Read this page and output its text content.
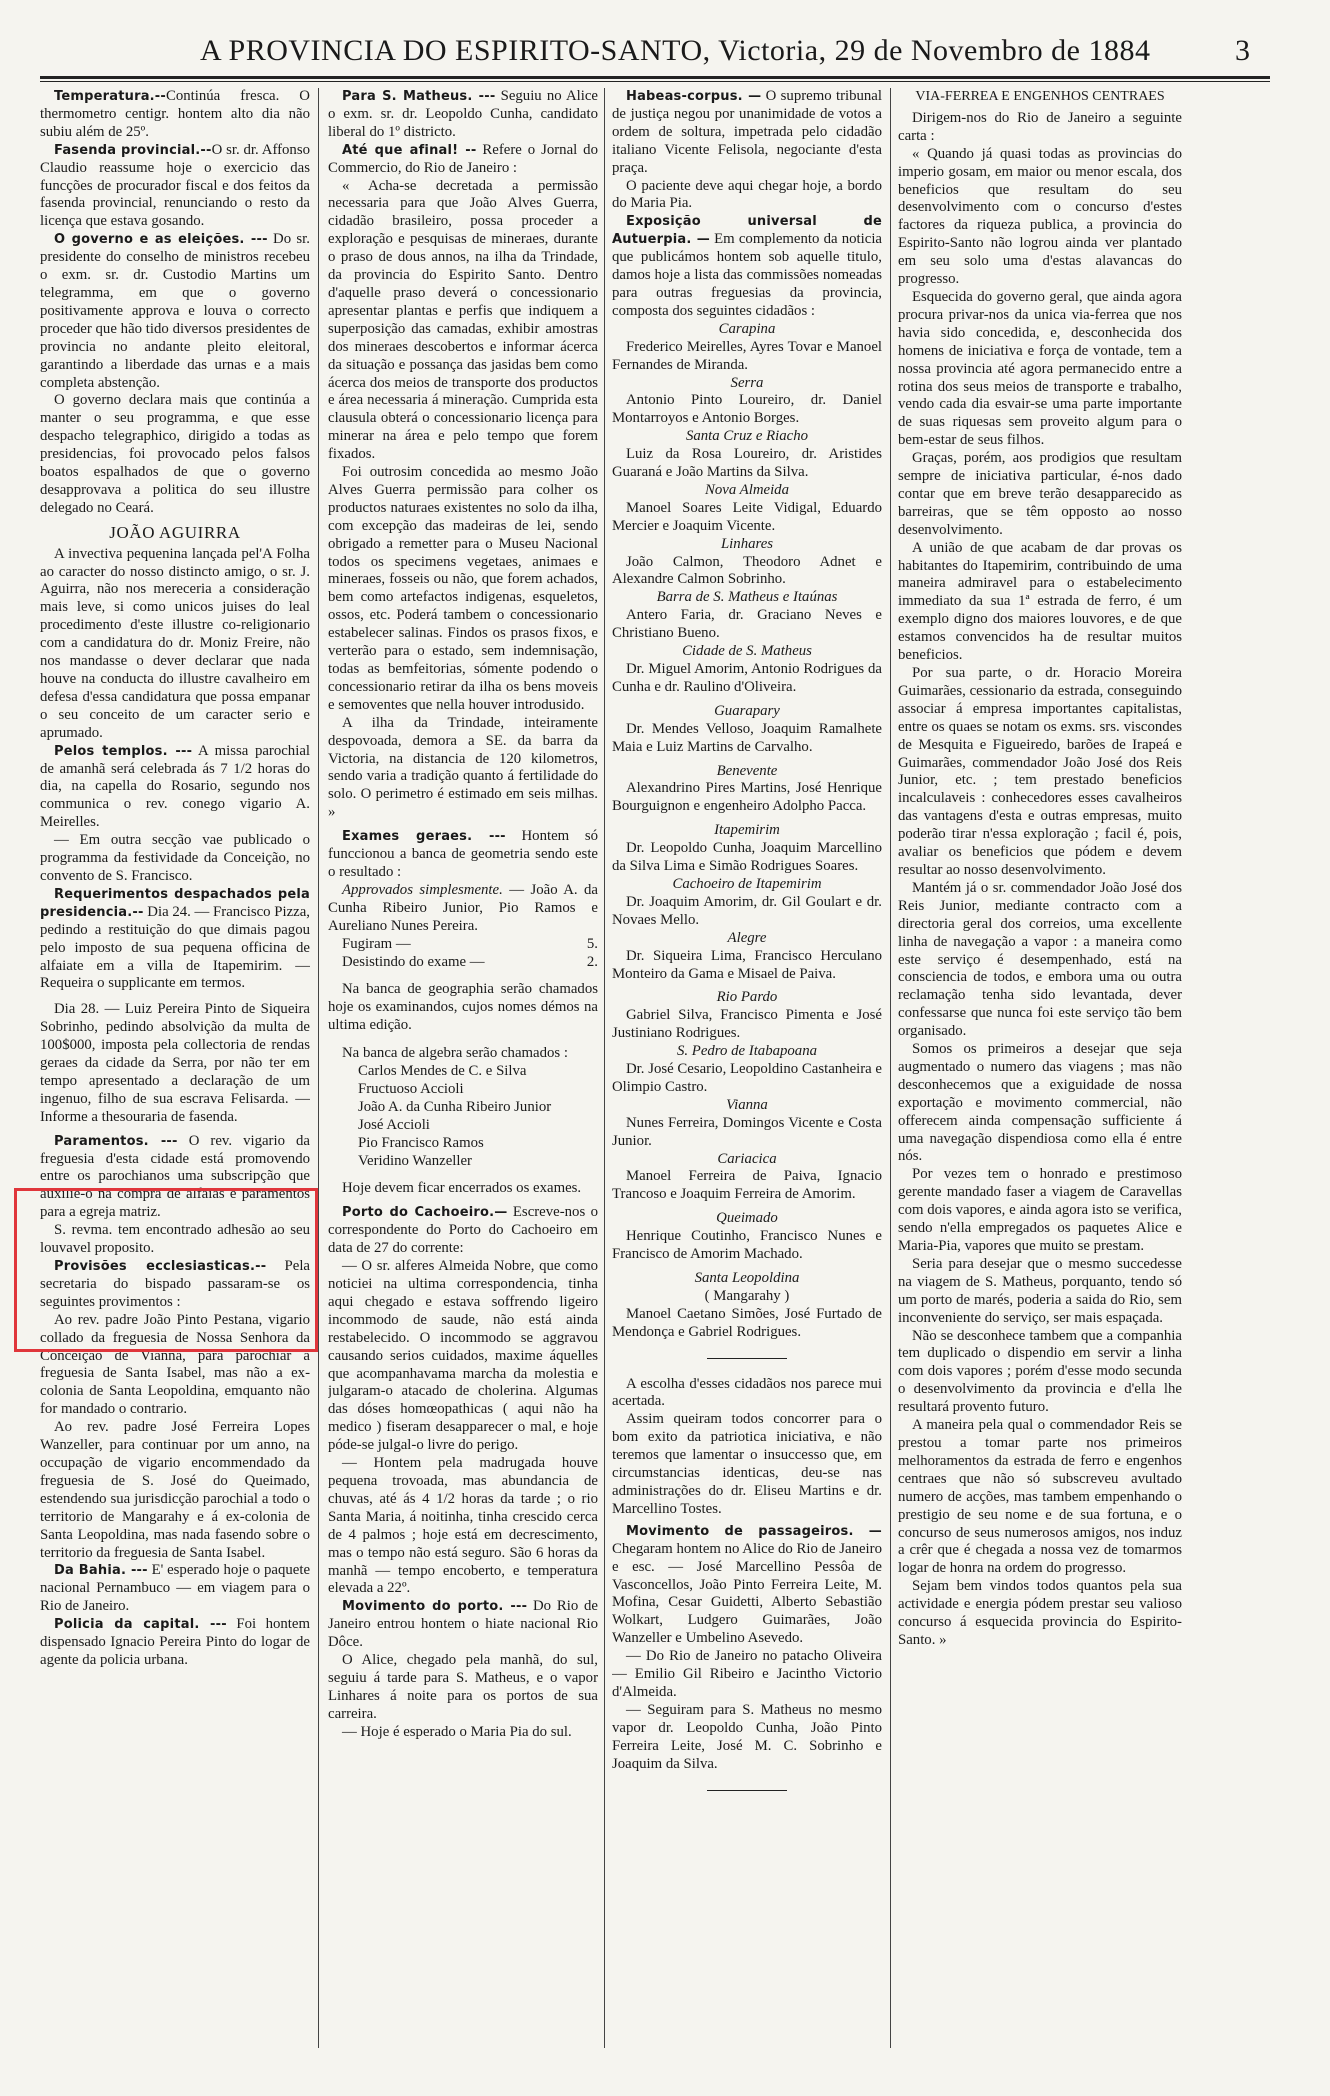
A PROVINCIA DO ESPIRITO-SANTO, Victoria, 29 de Novembro de 1884	3

Temperatura.--Continúa fresca. O thermometro centigr. hontem alto dia não subiu além de 25º.

Fasenda provincial.--O sr. dr. Affonso Claudio reassume hoje o exercicio das funcções de procurador fiscal e dos feitos da fasenda provincial, renunciando o resto da licença que estava gosando.

O governo e as eleições. --- Do sr. presidente do conselho de ministros recebeu o exm. sr. dr. Custodio Martins um telegramma, em que o governo positivamente approva e louva o correcto proceder que hão tido diversos presidentes de provincia no andante pleito eleitoral, garantindo a liberdade das urnas e a mais completa abstenção.

O governo declara mais que continúa a manter o seu programma, e que esse despacho telegraphico, dirigido a todas as presidencias, foi provocado pelos falsos boatos espalhados de que o governo desapprovava a politica do seu illustre delegado no Ceará.

JOÃO AGUIRRA

A invectiva pequenina lançada pel'A Folha ao caracter do nosso distincto amigo, o sr. J. Aguirra, não nos mereceria a consideração mais leve, si como unicos juises do leal procedimento d'este illustre co-religionario com a candidatura do dr. Moniz Freire, não nos mandasse o dever declarar que nada houve na conducta do illustre cavalheiro em defesa d'essa candidatura que possa empanar o seu conceito de um caracter serio e aprumado.

Pelos templos. --- A missa parochial de amanhã será celebrada ás 7 1/2 horas do dia, na capella do Rosario, segundo nos communica o rev. conego vigario A. Meirelles.

— Em outra secção vae publicado o programma da festividade da Conceição, no convento de S. Francisco.

Requerimentos despachados pela presidencia.-- Dia 24. — Francisco Pizza, pedindo a restituição do que dimais pagou pelo imposto de sua pequena officina de alfaiate em a villa de Itapemirim. — Requeira o supplicante em termos.

Dia 28. — Luiz Pereira Pinto de Siqueira Sobrinho, pedindo absolvição da multa de 100$000, imposta pela collectoria de rendas geraes da cidade da Serra, por não ter em tempo apresentado a declaração de um ingenuo, filho de sua escrava Felisarda. — Informe a thesouraria de fasenda.

Paramentos. --- O rev. vigario da freguesia d'esta cidade está promovendo entre os parochianos uma subscripção que auxilie-o na compra de alfaias e paramentos para a egreja matriz.

S. revma. tem encontrado adhesão ao seu louvavel proposito.

Provisões ecclesiasticas.-- Pela secretaria do bispado passaram-se os seguintes provimentos :

Ao rev. padre João Pinto Pestana, vigario collado da freguesia de Nossa Senhora da Conceição de Vianna, para parochiar a freguesia de Santa Isabel, mas não a ex-colonia de Santa Leopoldina, emquanto não for mandado o contrario.

Ao rev. padre José Ferreira Lopes Wanzeller, para continuar por um anno, na occupação de vigario encommendado da freguesia de S. José do Queimado, estendendo sua jurisdicção parochial a todo o territorio de Mangarahy e á ex-colonia de Santa Leopoldina, mas nada fasendo sobre o territorio da freguesia de Santa Isabel.

Da Bahia. --- E' esperado hoje o paquete nacional Pernambuco — em viagem para o Rio de Janeiro.

Policia da capital. --- Foi hontem dispensado Ignacio Pereira Pinto do logar de agente da policia urbana.

Para S. Matheus. --- Seguiu no Alice o exm. sr. dr. Leopoldo Cunha, candidato liberal do 1º districto.

Até que afinal! -- Refere o Jornal do Commercio, do Rio de Janeiro :

« Acha-se decretada a permissão necessaria para que João Alves Guerra, cidadão brasileiro, possa proceder a exploração e pesquisas de mineraes, durante o praso de dous annos, na ilha da Trindade, da provincia do Espirito Santo. Dentro d'aquelle praso deverá o concessionario apresentar plantas e perfis que indiquem a superposição das camadas, exhibir amostras dos mineraes descobertos e informar ácerca da situação e possança das jasidas bem como ácerca dos meios de transporte dos productos e área necessaria á mineração. Cumprida esta clausula obterá o concessionario licença para minerar na área e pelo tempo que forem fixados.

Foi outrosim concedida ao mesmo João Alves Guerra permissão para colher os productos naturaes existentes no solo da ilha, com excepção das madeiras de lei, sendo obrigado a remetter para o Museu Nacional todos os specimens vegetaes, animaes e mineraes, fosseis ou não, que forem achados, bem como artefactos indigenas, esqueletos, ossos, etc. Poderá tambem o concessionario estabelecer salinas. Findos os prasos fixos, e verterão para o estado, sem indemnisação, todas as bemfeitorias, sómente podendo o concessionario retirar da ilha os bens moveis e semoventes que nella houver introdusido.

A ilha da Trindade, inteiramente despovoada, demora a SE. da barra da Victoria, na distancia de 120 kilometros, sendo varia a tradição quanto á fertilidade do solo. O perimetro é estimado em seis milhas. »

Exames geraes. --- Hontem só funccionou a banca de geometria sendo este o resultado :

Approvados simplesmente. — João A. da Cunha Ribeiro Junior, Pio Ramos e Aureliano Nunes Pereira.

Fugiram —	5.
Desistindo do exame —	2.

Na banca de geographia serão chamados hoje os examinandos, cujos nomes démos na ultima edição.

Na banca de algebra serão chamados :

Carlos Mendes de C. e Silva
Fructuoso Accioli
João A. da Cunha Ribeiro Junior
José Accioli
Pio Francisco Ramos
Veridino Wanzeller

Hoje devem ficar encerrados os exames.

Porto do Cachoeiro.— Escreve-nos o correspondente do Porto do Cachoeiro em data de 27 do corrente:

— O sr. alferes Almeida Nobre, que como noticiei na ultima correspondencia, tinha aqui chegado e estava soffrendo ligeiro incommodo de saude, não está ainda restabelecido. O incommodo se aggravou causando serios cuidados, maxime áquelles que acompanhavama marcha da molestia e julgaram-o atacado de cholerina. Algumas das dóses homœopathicas ( aqui não ha medico ) fiseram desapparecer o mal, e hoje póde-se julgal-o livre do perigo.

— Hontem pela madrugada houve pequena trovoada, mas abundancia de chuvas, até ás 4 1/2 horas da tarde ; o rio Santa Maria, á noitinha, tinha crescido cerca de 4 palmos ; hoje está em decrescimento, mas o tempo não está seguro. São 6 horas da manhã — tempo encoberto, e temperatura elevada a 22º.

Movimento do porto. --- Do Rio de Janeiro entrou hontem o hiate nacional Rio Dôce.

O Alice, chegado pela manhã, do sul, seguiu á tarde para S. Matheus, e o vapor Linhares á noite para os portos de sua carreira.

— Hoje é esperado o Maria Pia do sul.

Habeas-corpus. — O supremo tribunal de justiça negou por unanimidade de votos a ordem de soltura, impetrada pelo cidadão italiano Vicente Felisola, negociante d'esta praça.

O paciente deve aqui chegar hoje, a bordo do Maria Pia.

Exposição universal de Autuerpia. — Em complemento da noticia que publicámos hontem sob aquelle titulo, damos hoje a lista das commissões nomeadas para outras freguesias da provincia, composta dos seguintes cidadãos :

Carapina

Frederico Meirelles, Ayres Tovar e Manoel Fernandes de Miranda.

Serra

Antonio Pinto Loureiro, dr. Daniel Montarroyos e Antonio Borges.

Santa Cruz e Riacho

Luiz da Rosa Loureiro, dr. Aristides Guaraná e João Martins da Silva.

Nova Almeida

Manoel Soares Leite Vidigal, Eduardo Mercier e Joaquim Vicente.

Linhares

João Calmon, Theodoro Adnet e Alexandre Calmon Sobrinho.

Barra de S. Matheus e Itaúnas

Antero Faria, dr. Graciano Neves e Christiano Bueno.

Cidade de S. Matheus

Dr. Miguel Amorim, Antonio Rodrigues da Cunha e dr. Raulino d'Oliveira.

Guaraparу

Dr. Mendes Velloso, Joaquim Ramalhete Maia e Luiz Martins de Carvalho.

Benevente

Alexandrino Pires Martins, José Henrique Bourguignon e engenheiro Adolpho Pacca.

Itapemirim

Dr. Leopoldo Cunha, Joaquim Marcellino da Silva Lima e Simão Rodrigues Soares.

Cachoeiro de Itapemirim

Dr. Joaquim Amorim, dr. Gil Goulart e dr. Novaes Mello.

Alegre

Dr. Siqueira Lima, Francisco Herculano Monteiro da Gama e Misael de Paiva.

Rio Pardo

Gabriel Silva, Francisco Pimenta e José Justiniano Rodrigues.

S. Pedro de Itabapoana

Dr. José Cesario, Leopoldino Castanheira e Olimpio Castro.

Vianna

Nunes Ferreira, Domingos Vicente e Costa Junior.

Cariacica

Manoel Ferreira de Paiva, Ignacio Trancoso e Joaquim Ferreira de Amorim.

Queimado

Henrique Coutinho, Francisco Nunes e Francisco de Amorim Machado.

Santa Leopoldina
( Mangarahy )

Manoel Caetano Simões, José Furtado de Mendonça e Gabriel Rodrigues.

A escolha d'esses cidadãos nos parece mui acertada.

Assim queiram todos concorrer para o bom exito da patriotica iniciativa, e não teremos que lamentar o insuccesso que, em circumstancias identicas, deu-se nas administrações do dr. Eliseu Martins e dr. Marcellino Tostes.

Movimento de passageiros. — Chegaram hontem no Alice do Rio de Janeiro e esc. — José Marcellino Pessôa de Vasconcellos, João Pinto Ferreira Leite, M. Mofina, Cesar Guidetti, Alberto Sebastião Wolkart, Ludgero Guimarães, João Wanzeller e Umbelino Asevedo.

— Do Rio de Janeiro no patacho Oliveira — Emilio Gil Ribeiro e Jacintho Victorio d'Almeida.

— Seguiram para S. Matheus no mesmo vapor dr. Leopoldo Cunha, João Pinto Ferreira Leite, José M. C. Sobrinho e Joaquim da Silva.

VIA-FERREA E ENGENHOS CENTRAES

Dirigem-nos do Rio de Janeiro a seguinte carta :

« Quando já quasi todas as provincias do imperio gosam, em maior ou menor escala, dos beneficios que resultam do seu desenvolvimento com o concurso d'estes factores da riqueza publica, a provincia do Espirito-Santo não logrou ainda ver plantado em seu solo uma d'estas alavancas do progresso.

Esquecida do governo geral, que ainda agora procura privar-nos da unica via-ferrea que nos havia sido concedida, e, desconhecida dos homens de iniciativa e força de vontade, tem a nossa provincia até agora permanecido entre a rotina dos seus meios de transporte e trabalho, vendo cada dia esvair-se uma parte importante de suas riquesas sem proveito algum para o bem-estar de seus filhos.

Graças, porém, aos prodigios que resultam sempre de iniciativa particular, é-nos dado contar que em breve terão desapparecido as barreiras, que se têm opposto ao nosso desenvolvimento.

A união de que acabam de dar provas os habitantes do Itapemirim, contribuindo de uma maneira admiravel para o estabelecimento immediato da sua 1ª estrada de ferro, é um exemplo digno dos maiores louvores, e de que estamos convencidos ha de resultar muitos beneficios.

Por sua parte, o dr. Horacio Moreira Guimarães, cessionario da estrada, conseguindo associar á empresa importantes capitalistas, entre os quaes se notam os exms. srs. viscondes de Mesquita e Figueiredo, barões de Irapeá e Guimarães, commendador João José dos Reis Junior, etc. ; tem prestado beneficios incalculaveis : conhecedores esses cavalheiros das vantagens d'esta e outras empresas, muito poderão tirar n'essa exploração ; facil é, pois, avaliar os beneficios que pódem e devem resultar ao nosso desenvolvimento.

Mantém já o sr. commendador João José dos Reis Junior, mediante contracto com a directoria geral dos correios, uma excellente linha de navegação a vapor : a maneira como este serviço é desempenhado, está na consciencia de todos, e embora uma ou outra reclamação tenha sido levantada, dever confessarse que nunca foi este serviço tão bem organisado.

Somos os primeiros a desejar que seja augmentado o numero das viagens ; mas não desconhecemos que a exiguidade de nossa exportação e movimento commercial, não offerecem ainda compensação sufficiente á uma navegação dispendiosa como ella é entre nós.

Por vezes tem o honrado e prestimoso gerente mandado faser a viagem de Caravellas com dois vapores, e ainda agora isto se verifica, sendo n'ella empregados os paquetes Alice e Maria-Pia, vapores que muito se prestam.

Seria para desejar que o mesmo succedesse na viagem de S. Matheus, porquanto, tendo só um porto de marés, poderia a saida do Rio, sem inconveniente do serviço, ser mais espaçada.

Não se desconhece tambem que a companhia tem duplicado o dispendio em servir a linha com dois vapores ; porém d'esse modo secunda o desenvolvimento da provincia e d'ella lhe resultará provento futuro.

A maneira pela qual o commendador Reis se prestou a tomar parte nos primeiros melhoramentos da estrada de ferro e engenhos centraes que não só subscreveu avultado numero de acções, mas tambem empenhando o prestigio de seu nome e de sua fortuna, e o concurso de seus numerosos amigos, nos induz a crêr que é chegada a nossa vez de tomarmos logar de honra na ordem do progresso.

Sejam bem vindos todos quantos pela sua actividade e energia pódem prestar seu valioso concurso á esquecida provincia do Espirito-Santo. »
